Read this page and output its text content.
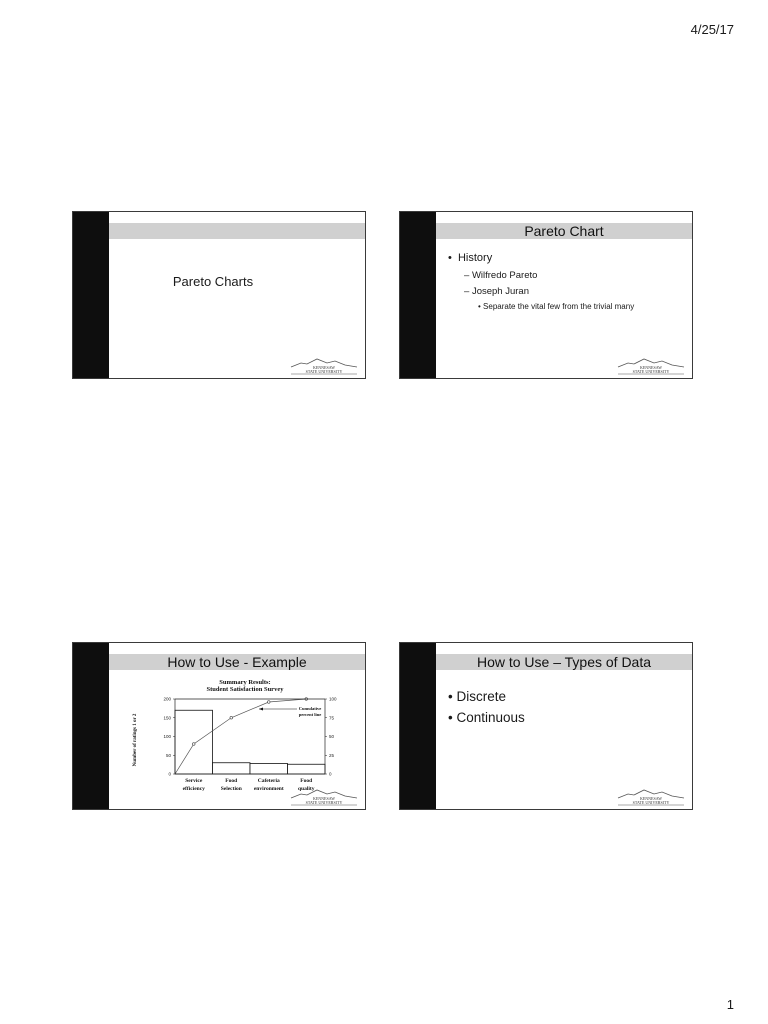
4/25/17
Pareto Charts
KENNESAW
STATE UNIVERSITY
Pareto Chart
•  History
– Wilfredo Pareto
– Joseph Juran
• Separate the vital few from the trivial many
KENNESAW
STATE UNIVERSITY
How to Use - Example
Summary Results:
Student Satisfaction Survey
Number of ratings 1 or 2
Cumulative
percent line
0
50
100
150
200
0
25
50
75
100
Service
efficiency
Food
Selection
Cafeteria
environment
Food
quality
KENNESAW
STATE UNIVERSITY
How to Use – Types of Data
• Discrete
• Continuous
KENNESAW
STATE UNIVERSITY
1
